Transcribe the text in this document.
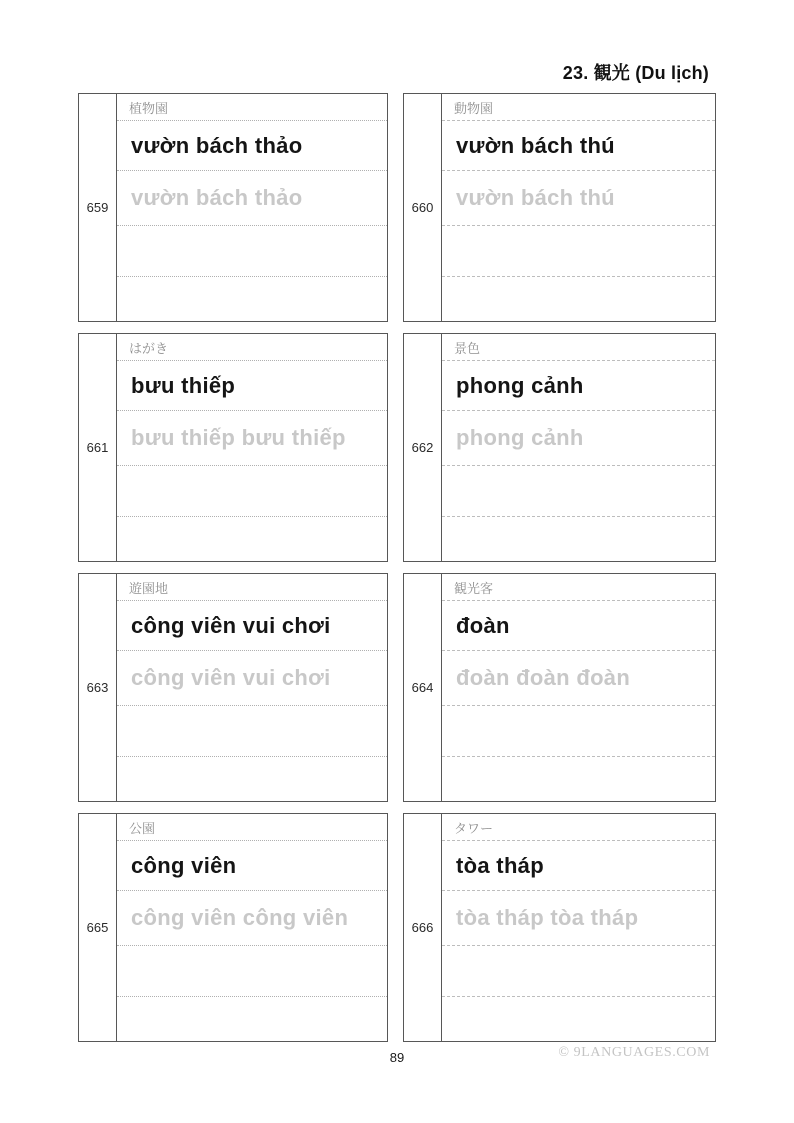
23. 観光 (Du lịch)
659
植物園
vườn bách thảo
vườn bách thảo	660
動物園
vườn bách thú
vườn bách thú
661
はがき
bưu thiếp
bưu thiếp bưu thiếp	662
景色
phong cảnh
phong cảnh
663
遊園地
công viên vui chơi
công viên vui chơi	664
観光客
đoàn
đoàn đoàn đoàn
665
公園
công viên
công viên công viên	666
タワー
tòa tháp
tòa tháp tòa tháp
89	© 9LANGUAGES.COM
